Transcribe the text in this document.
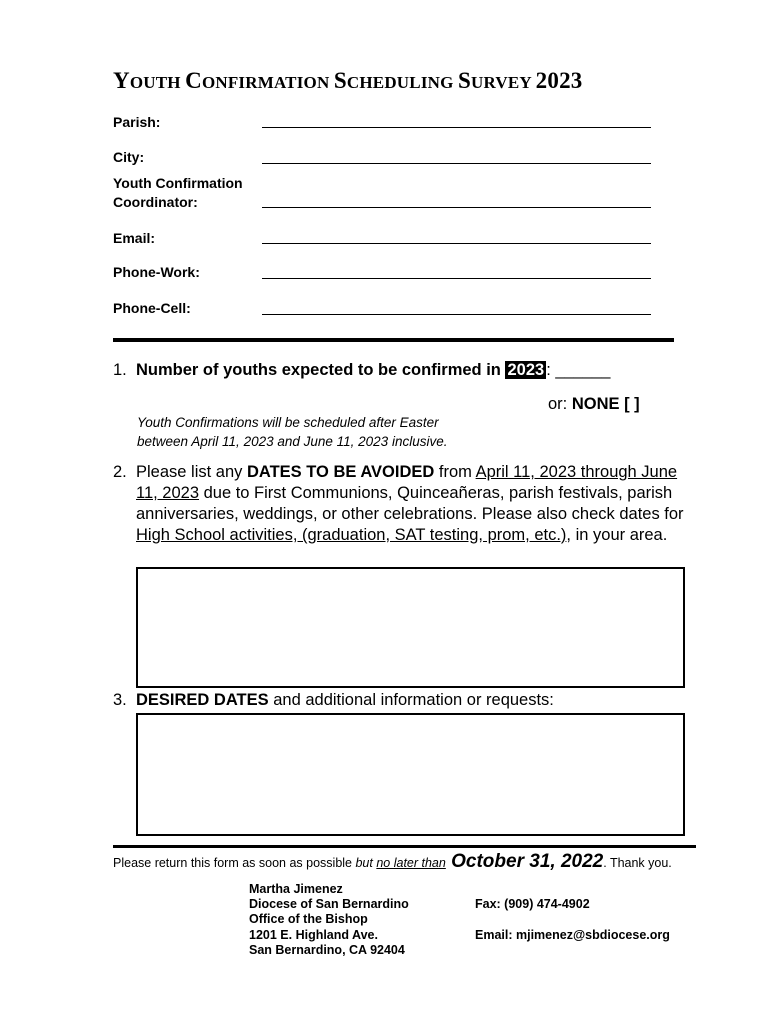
YOUTH CONFIRMATION SCHEDULING SURVEY 2023
Parish:
City:
Youth Confirmation
Coordinator:
Email:
Phone-Work:
Phone-Cell:
1. Number of youths expected to be confirmed in 2023 : ______
or: NONE [ ]
Youth Confirmations will be scheduled after Easter
between April 11, 2023 and June 11, 2023 inclusive.
2. Please list any DATES TO BE AVOIDED from April 11, 2023 through June 11, 2023 due to First Communions, Quinceañeras, parish festivals, parish anniversaries, weddings, or other celebrations. Please also check dates for High School activities, (graduation, SAT testing, prom, etc.), in your area.
3. DESIRED DATES and additional information or requests:
Please return this form as soon as possible but no later than October 31, 2022. Thank you.
Martha Jimenez
Diocese of San Bernardino
Office of the Bishop
1201 E. Highland Ave.
San Bernardino, CA 92404
Fax: (909) 474-4902
Email: mjimenez@sbdiocese.org
